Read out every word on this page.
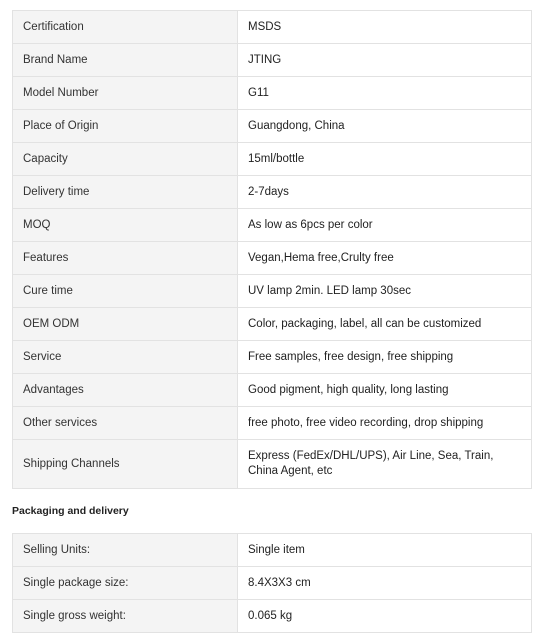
Certification	MSDS
Brand Name	JTING
Model Number	G11
Place of Origin	Guangdong, China
Capacity	15ml/bottle
Delivery time	2-7days
MOQ	As low as 6pcs per color
Features	Vegan,Hema free,Crulty free
Cure time	UV lamp 2min. LED lamp 30sec
OEM ODM	Color, packaging, label, all can be customized
Service	Free samples, free design, free shipping
Advantages	Good pigment, high quality, long lasting
Other services	free photo, free video recording, drop shipping
Shipping Channels	Express (FedEx/DHL/UPS), Air Line, Sea, Train, China Agent, etc
Packaging and delivery
Selling Units:	Single item
Single package size:	8.4X3X3 cm
Single gross weight:	0.065 kg
